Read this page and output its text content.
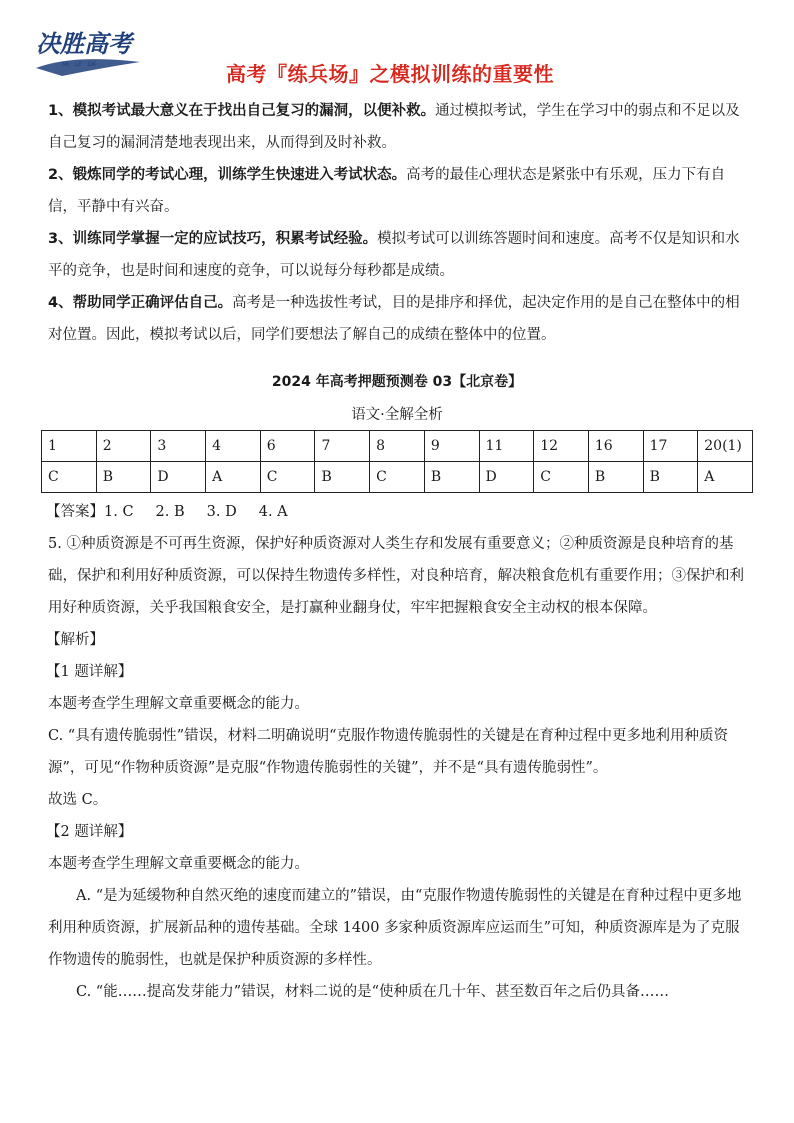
决胜高考
MI · LE · GK	高考『练兵场』之模拟训练的重要性

1、模拟考试最大意义在于找出自己复习的漏洞，以便补救。通过模拟考试，学生在学习中的弱点和不足以及自己复习的漏洞清楚地表现出来，从而得到及时补救。

2、锻炼同学的考试心理，训练学生快速进入考试状态。高考的最佳心理状态是紧张中有乐观，压力下有自信，平静中有兴奋。

3、训练同学掌握一定的应试技巧，积累考试经验。模拟考试可以训练答题时间和速度。高考不仅是知识和水平的竞争，也是时间和速度的竞争，可以说每分每秒都是成绩。

4、帮助同学正确评估自己。高考是一种选拔性考试，目的是排序和择优，起决定作用的是自己在整体中的相对位置。因此，模拟考试以后，同学们要想法了解自己的成绩在整体中的位置。

2024 年高考押题预测卷 03【北京卷】
语文·全解全析
1	2	3	4	6	7	8	9	11	12	16	17	20(1)
C	B	D	A	C	B	C	B	D	C	B	B	A

【答案】1. C 2. B 3. D 4. A

5. ①种质资源是不可再生资源，保护好种质资源对人类生存和发展有重要意义；②种质资源是良种培育的基础，保护和利用好种质资源，可以保持生物遗传多样性，对良种培育，解决粮食危机有重要作用；③保护和利用好种质资源，关乎我国粮食安全，是打赢种业翻身仗，牢牢把握粮食安全主动权的根本保障。

【解析】

【1 题详解】

本题考查学生理解文章重要概念的能力。

C. “具有遗传脆弱性”错误，材料二明确说明“克服作物遗传脆弱性的关键是在育种过程中更多地利用种质资源”，可见“作物种质资源”是克服“作物遗传脆弱性的关键”，并不是“具有遗传脆弱性”。

故选 C。

【2 题详解】

本题考查学生理解文章重要概念的能力。

A. “是为延缓物种自然灭绝的速度而建立的”错误，由“克服作物遗传脆弱性的关键是在育种过程中更多地利用种质资源，扩展新品种的遗传基础。全球 1400 多家种质资源库应运而生”可知，种质资源库是为了克服作物遗传的脆弱性，也就是保护种质资源的多样性。

C. “能……提高发芽能力”错误，材料二说的是“使种质在几十年、甚至数百年之后仍具备……
